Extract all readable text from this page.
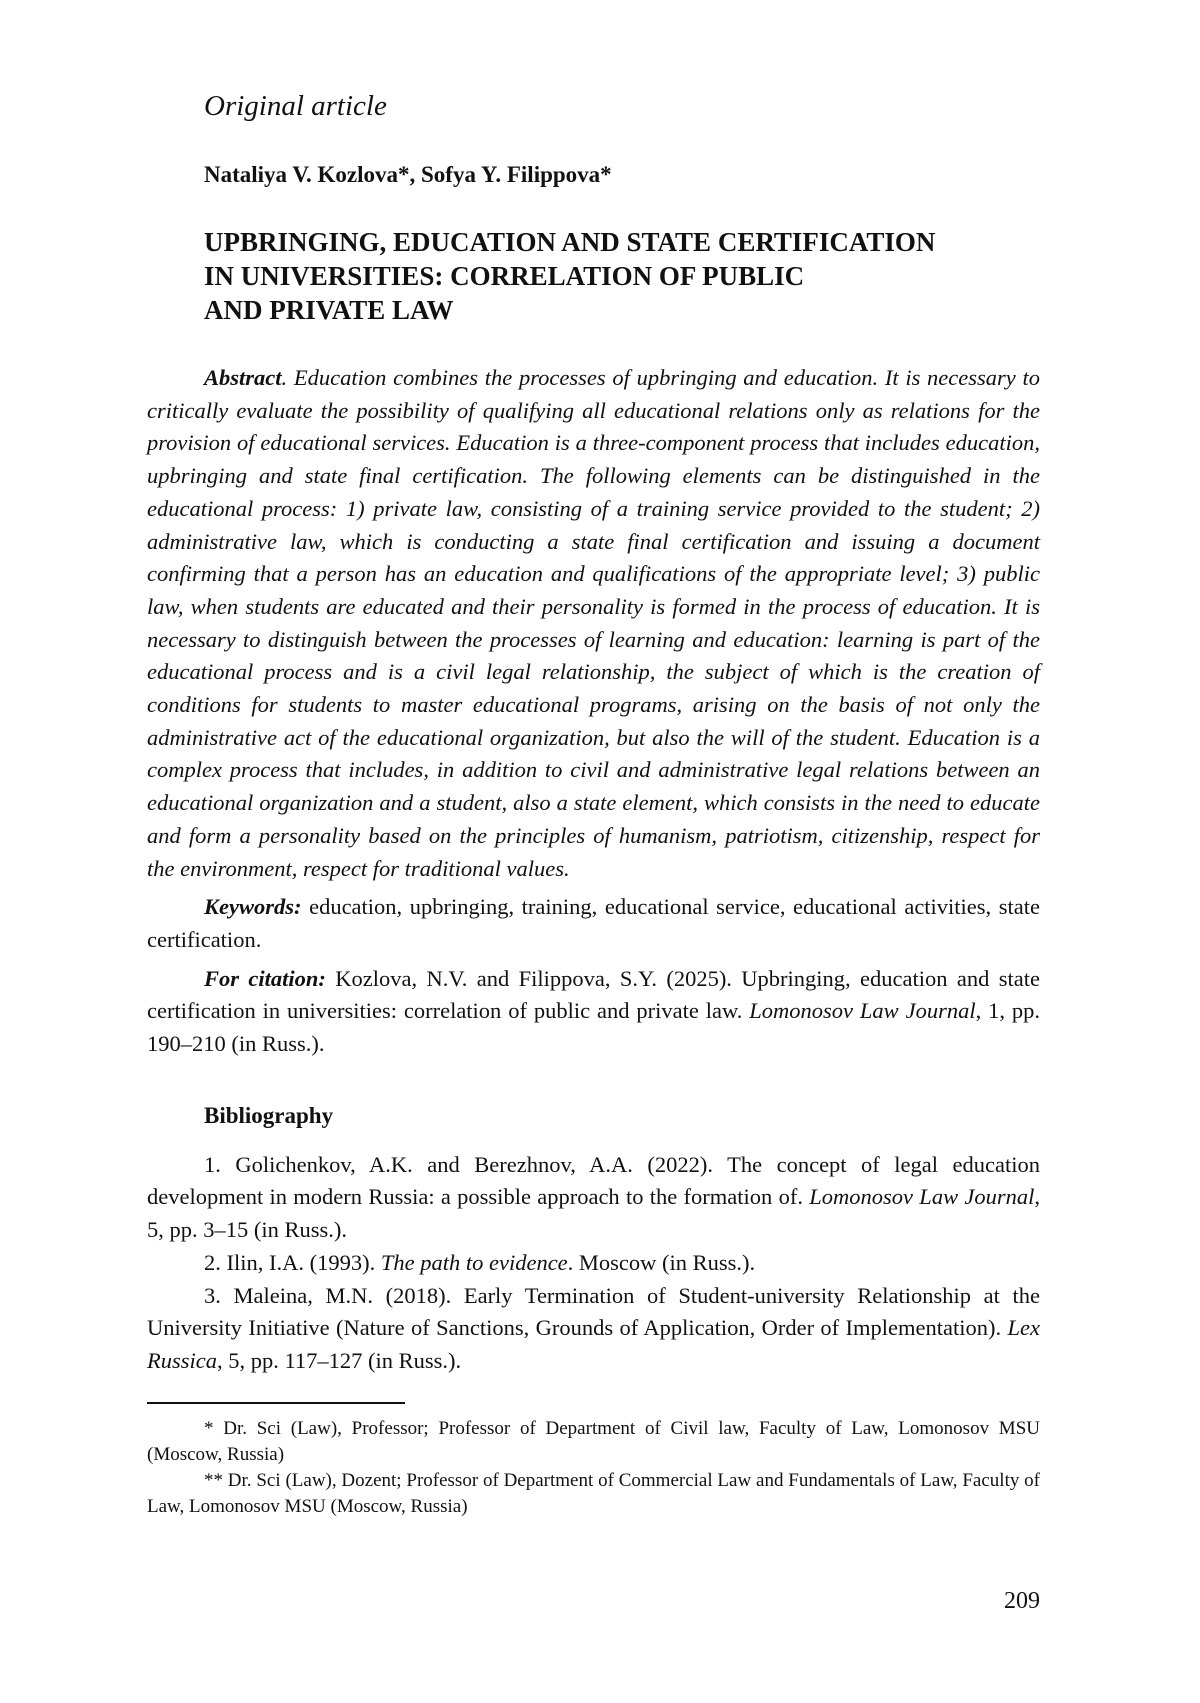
Original article
Nataliya V. Kozlova*, Sofya Y. Filippova*
UPBRINGING, EDUCATION AND STATE CERTIFICATION
IN UNIVERSITIES: CORRELATION OF PUBLIC
AND PRIVATE LAW

Abstract. Education combines the processes of upbringing and education. It is necessary to critically evaluate the possibility of qualifying all educational relations only as relations for the provision of educational services. Education is a three-component process that includes education, upbringing and state final certification. The following elements can be distinguished in the educational process: 1) private law, consisting of a training service provided to the student; 2) administrative law, which is conducting a state final certification and issuing a document confirming that a person has an education and qualifications of the appropriate level; 3) public law, when students are educated and their personality is formed in the process of education. It is necessary to distinguish between the processes of learning and education: learning is part of the educational process and is a civil legal relationship, the subject of which is the creation of conditions for students to master educational programs, arising on the basis of not only the administrative act of the educational organization, but also the will of the student. Education is a complex process that includes, in addition to civil and administrative legal relations between an educational organization and a student, also a state element, which consists in the need to educate and form a personality based on the principles of humanism, patriotism, citizenship, respect for the environment, respect for traditional values.

Keywords: education, upbringing, training, educational service, educational activities, state certification.

For citation: Kozlova, N.V. and Filippova, S.Y. (2025). Upbringing, education and state certification in universities: correlation of public and private law. Lomonosov Law Journal, 1, pp. 190–210 (in Russ.).

Bibliography

1. Golichenkov, A.K. and Berezhnov, A.A. (2022). The concept of legal education development in modern Russia: a possible approach to the formation of. Lomonosov Law Journal, 5, pp. 3–15 (in Russ.).

2. Ilin, I.A. (1993). The path to evidence. Moscow (in Russ.).

3. Maleina, M.N. (2018). Early Termination of Student-university Relationship at the University Initiative (Nature of Sanctions, Grounds of Application, Order of Implementation). Lex Russica, 5, pp. 117–127 (in Russ.).

* Dr. Sci (Law), Professor; Professor of Department of Civil law, Faculty of Law, Lomonosov MSU (Moscow, Russia)

** Dr. Sci (Law), Dozent; Professor of Department of Commercial Law and Fundamentals of Law, Faculty of Law, Lomonosov MSU (Moscow, Russia)

209
